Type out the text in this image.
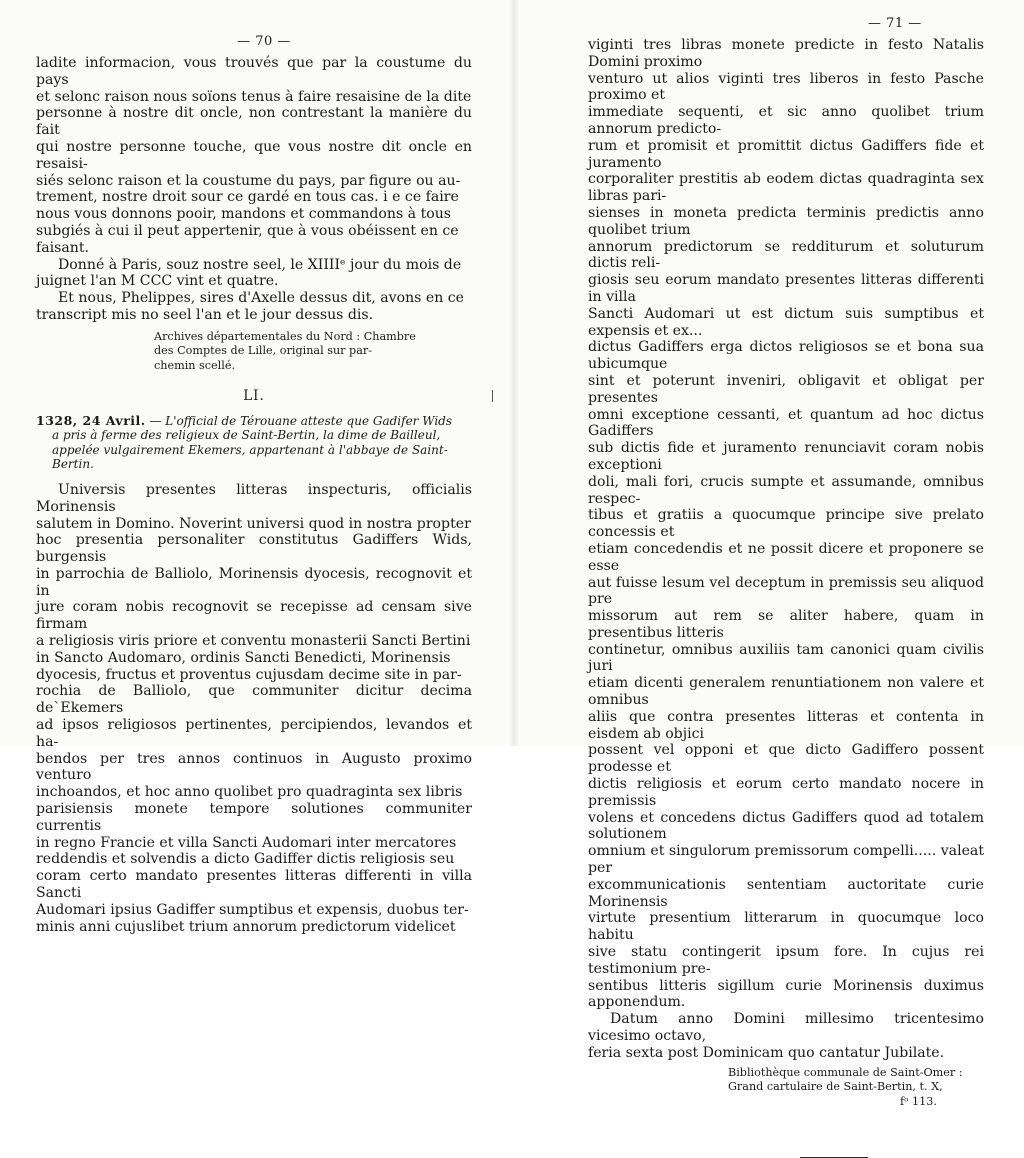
— 70 —
ladite informacion, vous trouvés que par la coustume du pays
et selonc raison nous soïons tenus à faire resaisine de la dite
personne à nostre dit oncle, non contrestant la manière du fait
qui nostre personne touche, que vous nostre dit oncle en resaisi-
siés selonc raison et la coustume du pays, par figure ou au-
trement, nostre droit sour ce gardé en tous cas. i e ce faire
nous vous donnons pooir, mandons et commandons à tous
subgiés à cui il peut appertenir, que à vous obéissent en ce
faisant.
Donné à Paris, souz nostre seel, le XIIIIᵉ jour du mois de
juignet l'an M CCC vint et quatre.
Et nous, Phelippes, sires d'Axelle dessus dit, avons en ce
transcript mis no seel l'an et le jour dessus dis.
Archives départementales du Nord : Chambre
des Comptes de Lille, original sur par-
chemin scellé.
LI.
1328, 24 Avril. — L'official de Térouane atteste que Gadifer Wids
a pris à ferme des religieux de Saint-Bertin, la dime de Bailleul,
appelée vulgairement Ekemers, appartenant à l'abbaye de Saint-
Bertin.
Universis presentes litteras inspecturis, officialis Morinensis
salutem in Domino. Noverint universi quod in nostra propter
hoc presentia personaliter constitutus Gadiffers Wids, burgensis
in parrochia de Balliolo, Morinensis dyocesis, recognovit et in
jure coram nobis recognovit se recepisse ad censam sive firmam
a religiosis viris priore et conventu monasterii Sancti Bertini
in Sancto Audomaro, ordinis Sancti Benedicti, Morinensis
dyocesis, fructus et proventus cujusdam decime site in par-
rochia de Balliolo, que communiter dicitur decima de`Ekemers
ad ipsos religiosos pertinentes, percipiendos, levandos et ha-
bendos per tres annos continuos in Augusto proximo venturo
inchoandos, et hoc anno quolibet pro quadraginta sex libris
parisiensis monete tempore solutiones communiter currentis
in regno Francie et villa Sancti Audomari inter mercatores
reddendis et solvendis a dicto Gadiffer dictis religiosis seu
coram certo mandato presentes litteras differenti in villa Sancti
Audomari ipsius Gadiffer sumptibus et expensis, duobus ter-
minis anni cujuslibet trium annorum predictorum videlicet
— 71 —
viginti tres libras monete predicte in festo Natalis Domini proximo
venturo ut alios viginti tres liberos in festo Pasche proximo et
immediate sequenti, et sic anno quolibet trium annorum predicto-
rum et promisit et promittit dictus Gadiffers fide et juramento
corporaliter prestitis ab eodem dictas quadraginta sex libras pari-
sienses in moneta predicta terminis predictis anno quolibet trium
annorum predictorum se redditurum et soluturum dictis reli-
giosis seu eorum mandato presentes litteras differenti in villa
Sancti Audomari ut est dictum suis sumptibus et expensis et ex...
dictus Gadiffers erga dictos religiosos se et bona sua ubicumque
sint et poterunt inveniri, obligavit et obligat per presentes
omni exceptione cessanti, et quantum ad hoc dictus Gadiffers
sub dictis fide et juramento renunciavit coram nobis exceptioni
doli, mali fori, crucis sumpte et assumande, omnibus respec-
tibus et gratiis a quocumque principe sive prelato concessis et
etiam concedendis et ne possit dicere et proponere se esse
aut fuisse lesum vel deceptum in premissis seu aliquod pre
missorum aut rem se aliter habere, quam in presentibus litteris
continetur, omnibus auxiliis tam canonici quam civilis juri
etiam dicenti generalem renuntiationem non valere et omnibus
aliis que contra presentes litteras et contenta in eisdem ab objici
possent vel opponi et que dicto Gadiffero possent prodesse et
dictis religiosis et eorum certo mandato nocere in premissis
volens et concedens dictus Gadiffers quod ad totalem solutionem
omnium et singulorum premissorum compelli..... valeat per
excommunicationis sententiam auctoritate curie Morinensis
virtute presentium litterarum in quocumque loco habitu
sive statu contingerit ipsum fore. In cujus rei testimonium pre-
sentibus litteris sigillum curie Morinensis duximus apponendum.
Datum anno Domini millesimo tricentesimo vicesimo octavo,
feria sexta post Dominicam quo cantatur Jubilate.
Bibliothèque communale de Saint-Omer :
Grand cartulaire de Saint-Bertin, t. X,
fᵒ 113.
